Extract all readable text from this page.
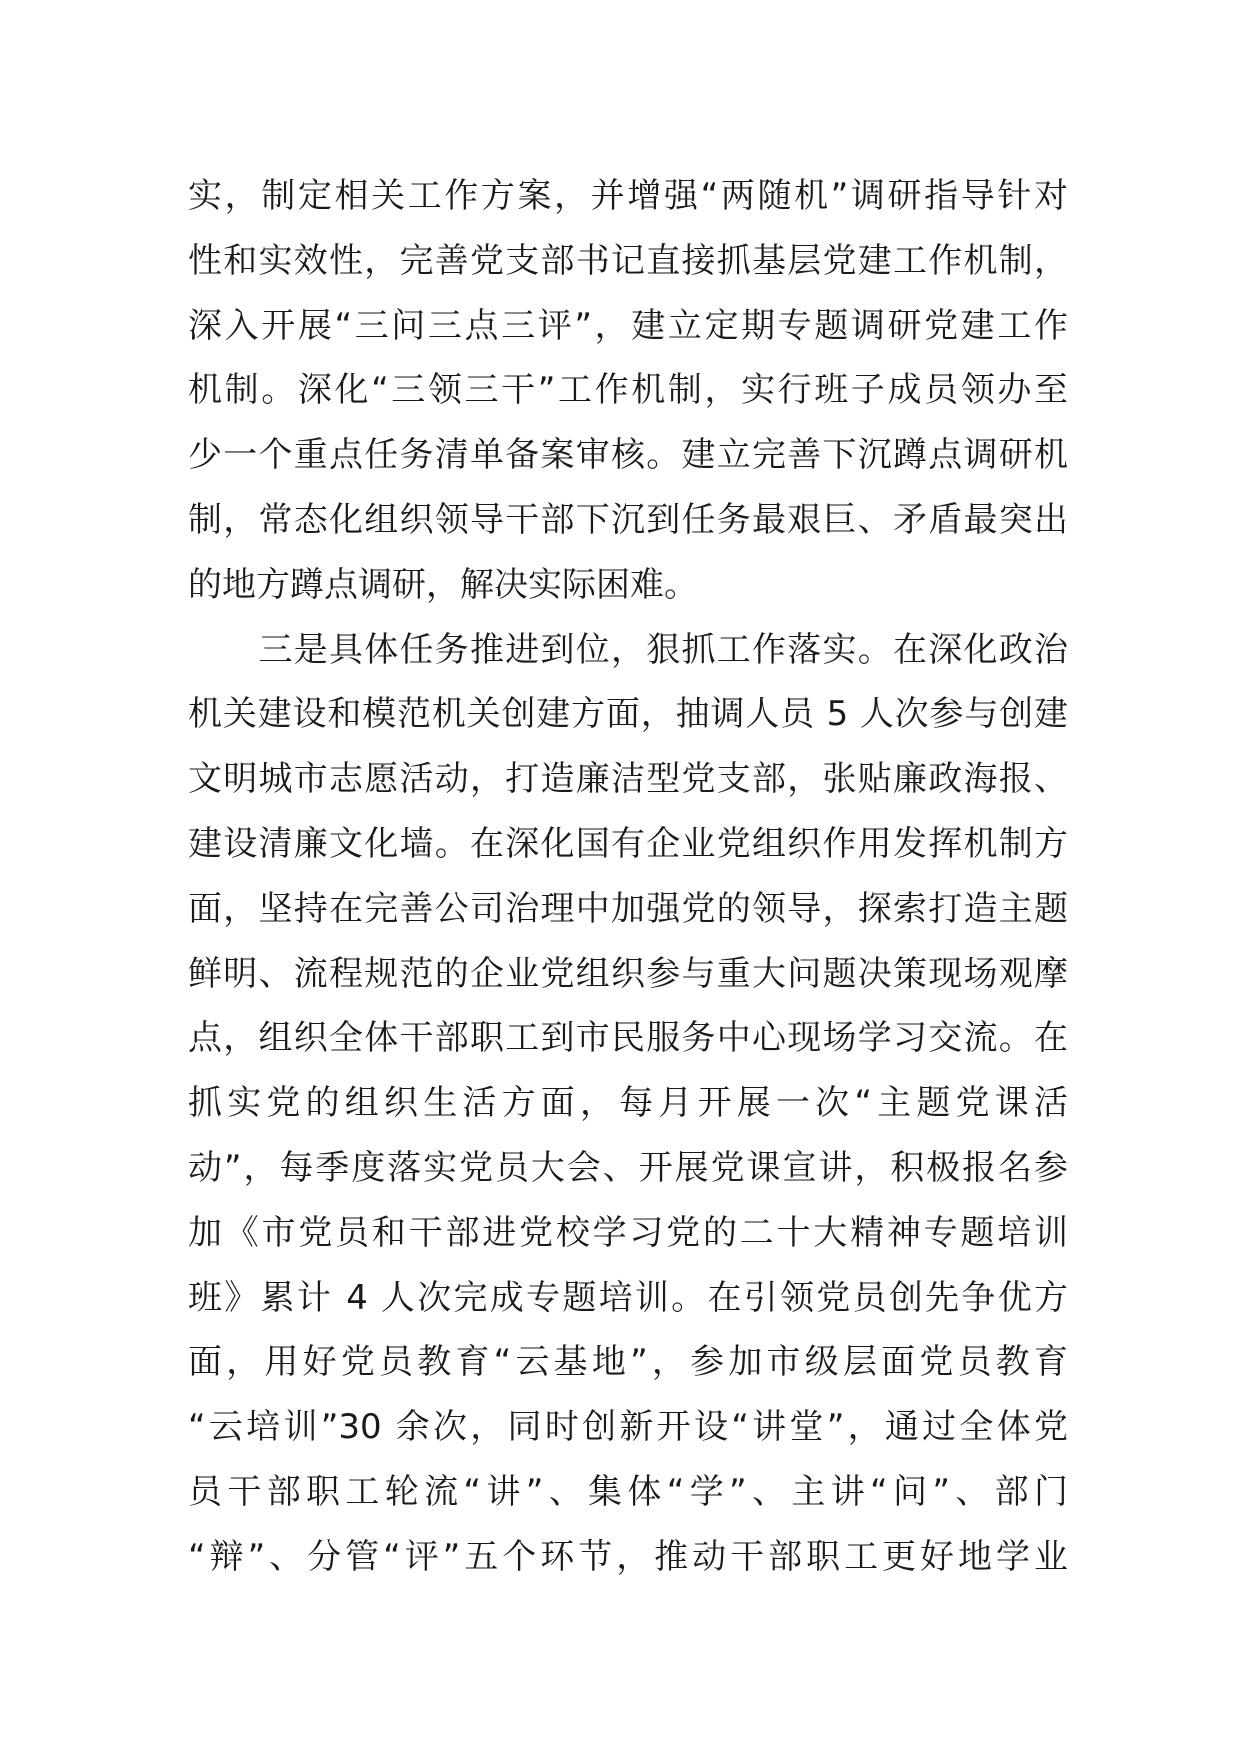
实，制定相关工作方案，并增强“两随机”调研指导针对
性和实效性，完善党支部书记直接抓基层党建工作机制，
深入开展“三问三点三评”，建立定期专题调研党建工作
机制。深化“三领三干”工作机制，实行班子成员领办至
少一个重点任务清单备案审核。建立完善下沉蹲点调研机
制，常态化组织领导干部下沉到任务最艰巨、矛盾最突出
的地方蹲点调研，解决实际困难。
　　三是具体任务推进到位，狠抓工作落实。在深化政治
机关建设和模范机关创建方面，抽调人员 5 人次参与创建
文明城市志愿活动，打造廉洁型党支部，张贴廉政海报、
建设清廉文化墙。在深化国有企业党组织作用发挥机制方
面，坚持在完善公司治理中加强党的领导，探索打造主题
鲜明、流程规范的企业党组织参与重大问题决策现场观摩
点，组织全体干部职工到市民服务中心现场学习交流。在
抓实党的组织生活方面，每月开展一次“主题党课活
动”，每季度落实党员大会、开展党课宣讲，积极报名参
加《市党员和干部进党校学习党的二十大精神专题培训
班》累计 4 人次完成专题培训。在引领党员创先争优方
面，用好党员教育“云基地”，参加市级层面党员教育
“云培训”30 余次，同时创新开设“讲堂”，通过全体党
员干部职工轮流“讲”、集体“学”、主讲“问”、部门
“辩”、分管“评”五个环节，推动干部职工更好地学业
